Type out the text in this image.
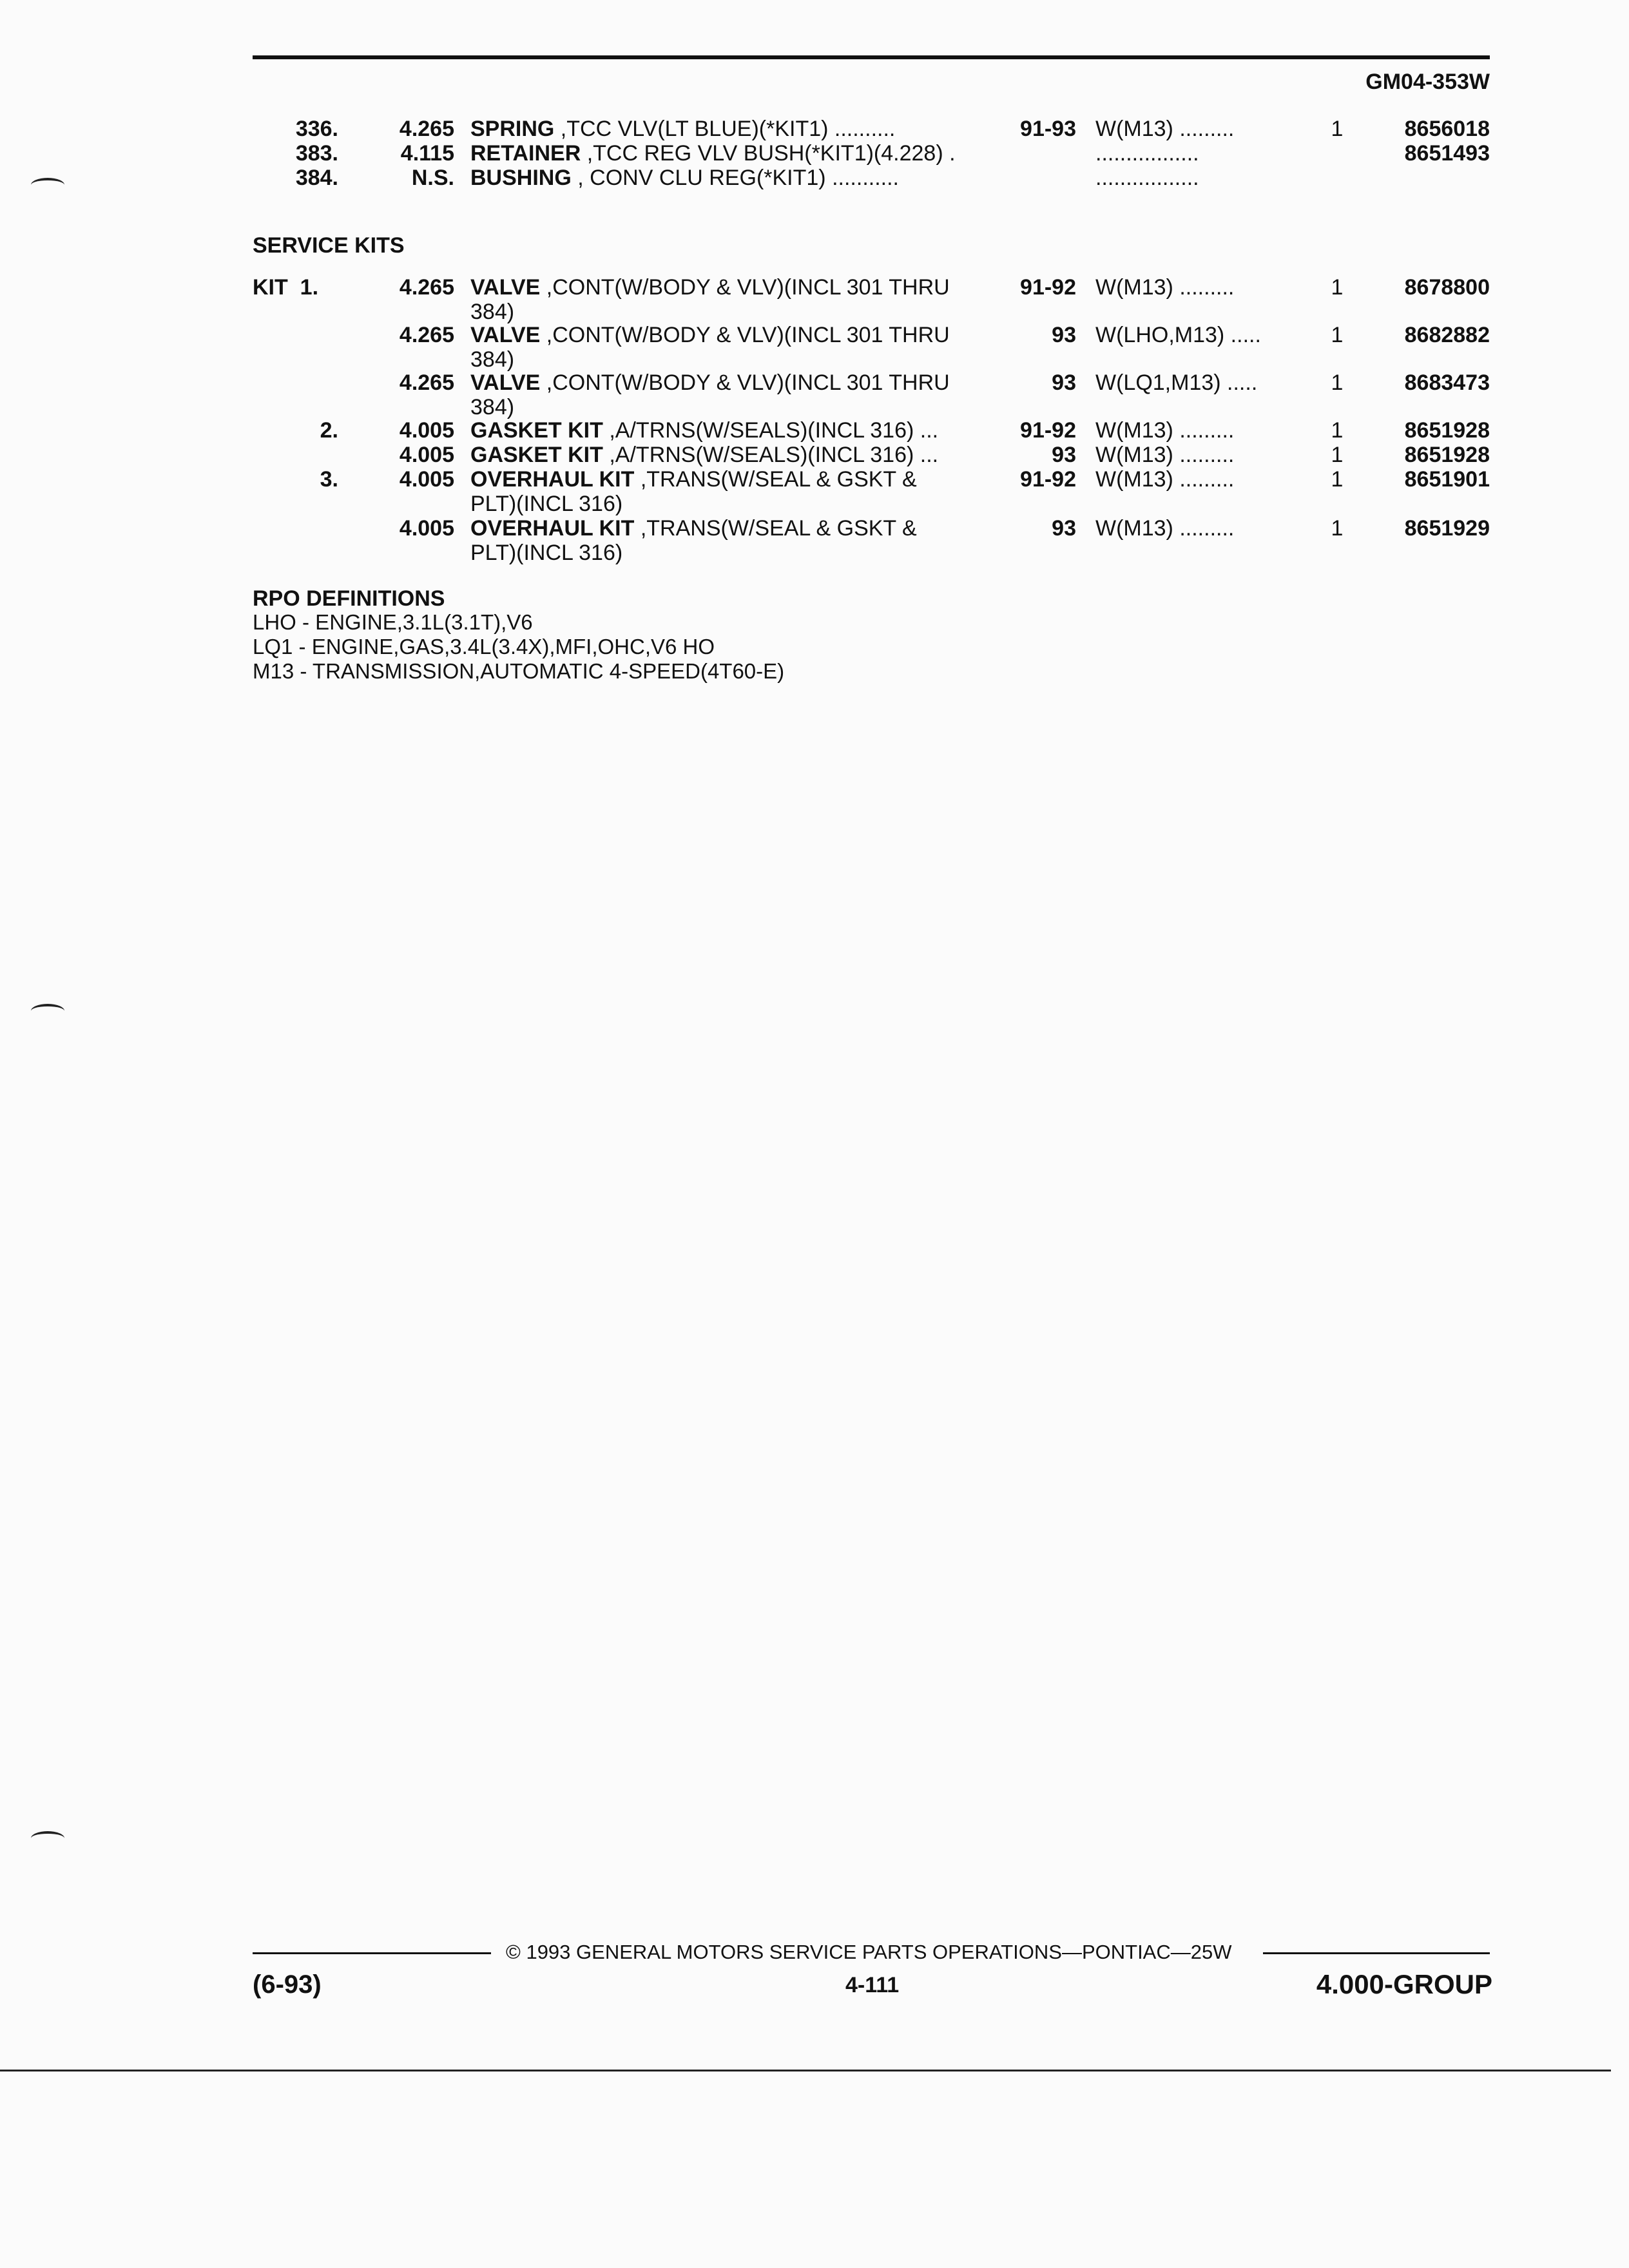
GM04-353W
336.	4.265 SPRING ,TCC VLV(LT BLUE)(*KIT1) ..........	91-93 W(M13) .........	1	8656018
383.	4.115 RETAINER ,TCC REG VLV BUSH(*KIT1)(4.228) .	.................	8651493
384.	N.S. BUSHING , CONV CLU REG(*KIT1) ...........	.................
SERVICE KITS
KIT  1.	4.265 VALVE ,CONT(W/BODY & VLV)(INCL 301 THRU	91-92 W(M13) .........	1	8678800
384)
4.265 VALVE ,CONT(W/BODY & VLV)(INCL 301 THRU	93 W(LHO,M13) .....	1	8682882
384)
4.265 VALVE ,CONT(W/BODY & VLV)(INCL 301 THRU	93 W(LQ1,M13) .....	1	8683473
384)
2.	4.005 GASKET KIT ,A/TRNS(W/SEALS)(INCL 316) ...	91-92 W(M13) .........	1	8651928
4.005 GASKET KIT ,A/TRNS(W/SEALS)(INCL 316) ...	93 W(M13) .........	1	8651928
3.	4.005 OVERHAUL KIT ,TRANS(W/SEAL & GSKT &	91-92 W(M13) .........	1	8651901
PLT)(INCL 316)
4.005 OVERHAUL KIT ,TRANS(W/SEAL & GSKT &	93 W(M13) .........	1	8651929
PLT)(INCL 316)
RPO DEFINITIONS
LHO - ENGINE,3.1L(3.1T),V6
LQ1 - ENGINE,GAS,3.4L(3.4X),MFI,OHC,V6 HO
M13 - TRANSMISSION,AUTOMATIC 4-SPEED(4T60-E)
© 1993 GENERAL MOTORS SERVICE PARTS OPERATIONS—PONTIAC—25W
(6-93)	4-111	4.000-GROUP
